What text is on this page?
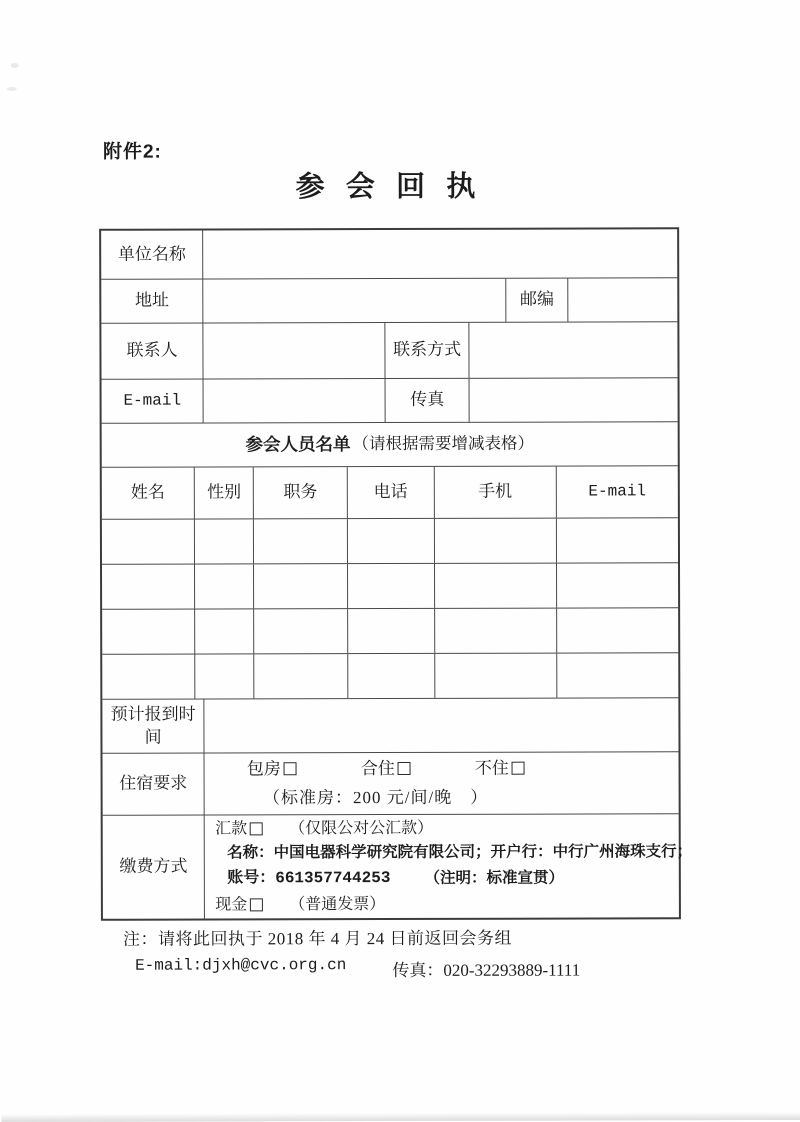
附件2:
参 会 回 执
单位名称
地址	邮编
联系人	联系方式
E-mail	传真
参会人员名单 （请根据需要增减表格）
姓名	性别	职务	电话	手机	E-mail
预计报到时间
住宿要求
包房	合住	不住
（标准房：200 元/间/晚　）
缴费方式
汇款	（仅限公对公汇款）
名称：中国电器科学研究院有限公司；开户行：中行广州海珠支行；
账号：661357744253 （注明：标准宣贯）
现金	（普通发票）
注：请将此回执于 2018 年 4 月 24 日前返回会务组
E-mail:djxh@cvc.org.cn	传真：020-32293889-1111
